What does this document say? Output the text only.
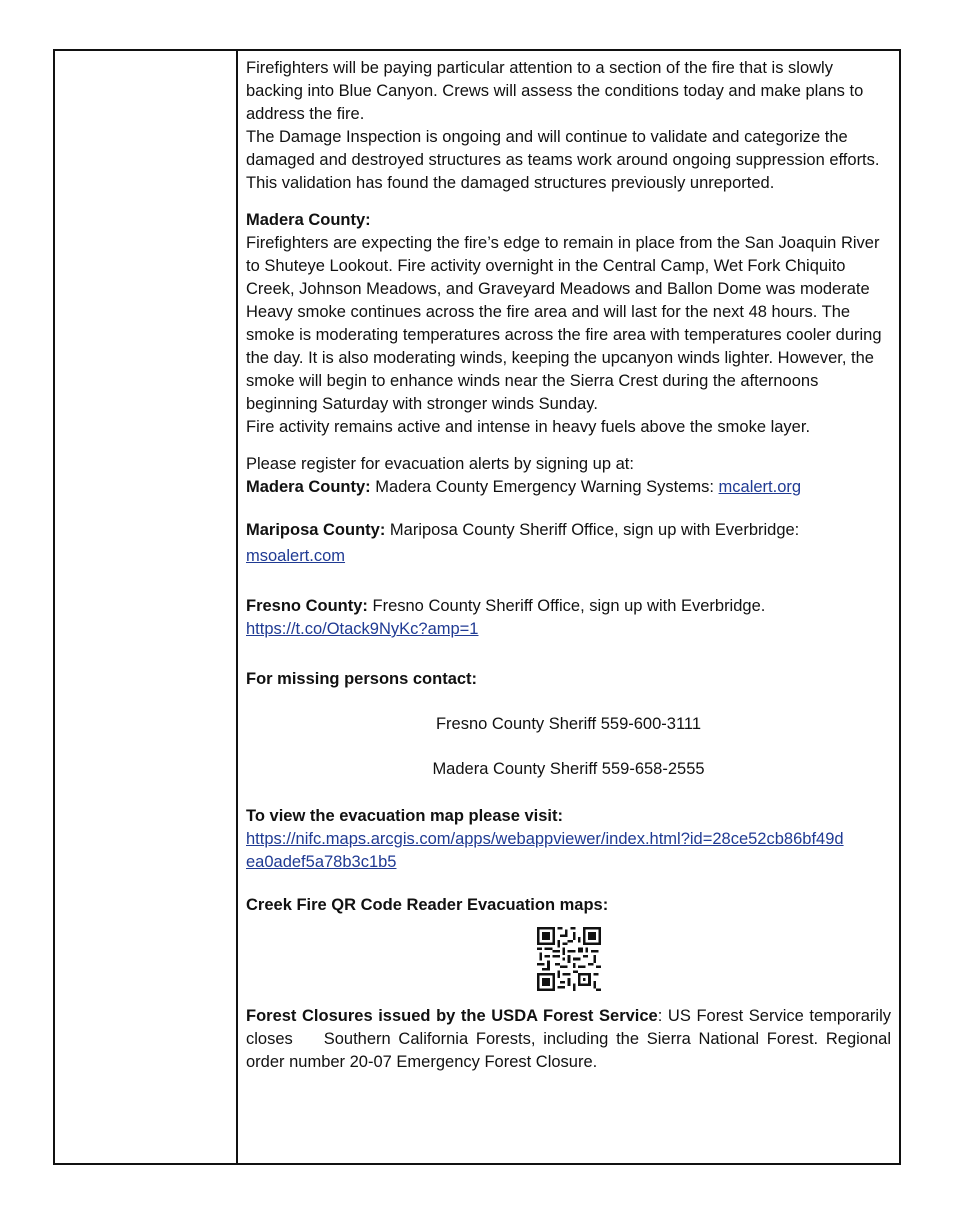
Firefighters will be paying particular attention to a section of the fire that is slowly backing into Blue Canyon. Crews will assess the conditions today and make plans to address the fire.

The Damage Inspection is ongoing and will continue to validate and categorize the damaged and destroyed structures as teams work around ongoing suppression efforts. This validation has found the damaged structures previously unreported.

Madera County:

Firefighters are expecting the fire’s edge to remain in place from the San Joaquin River to Shuteye Lookout. Fire activity overnight in the Central Camp, Wet Fork Chiquito Creek, Johnson Meadows, and Graveyard Meadows and Ballon Dome was moderate

Heavy smoke continues across the fire area and will last for the next 48 hours. The smoke is moderating temperatures across the fire area with temperatures cooler during the day. It is also moderating winds, keeping the upcanyon winds lighter. However, the smoke will begin to enhance winds near the Sierra Crest during the afternoons beginning Saturday with stronger winds Sunday.

Fire activity remains active and intense in heavy fuels above the smoke layer.

Please register for evacuation alerts by signing up at:

Madera County: Madera County Emergency Warning Systems: mcalert.org

Mariposa County: Mariposa County Sheriff Office, sign up with Everbridge:

msoalert.com

Fresno County: Fresno County Sheriff Office, sign up with Everbridge.

https://t.co/Otack9NyKc?amp=1

For missing persons contact:

Fresno County Sheriff 559-600-3111

Madera County Sheriff 559-658-2555

To view the evacuation map please visit:

https://nifc.maps.arcgis.com/apps/webappviewer/index.html?id=28ce52cb86bf49d
ea0adef5a78b3c1b5

Creek Fire QR Code Reader Evacuation maps:

Forest Closures issued by the USDA Forest Service: US Forest Service temporarily closes    Southern California Forests, including the Sierra National Forest. Regional order number 20-07 Emergency Forest Closure.
